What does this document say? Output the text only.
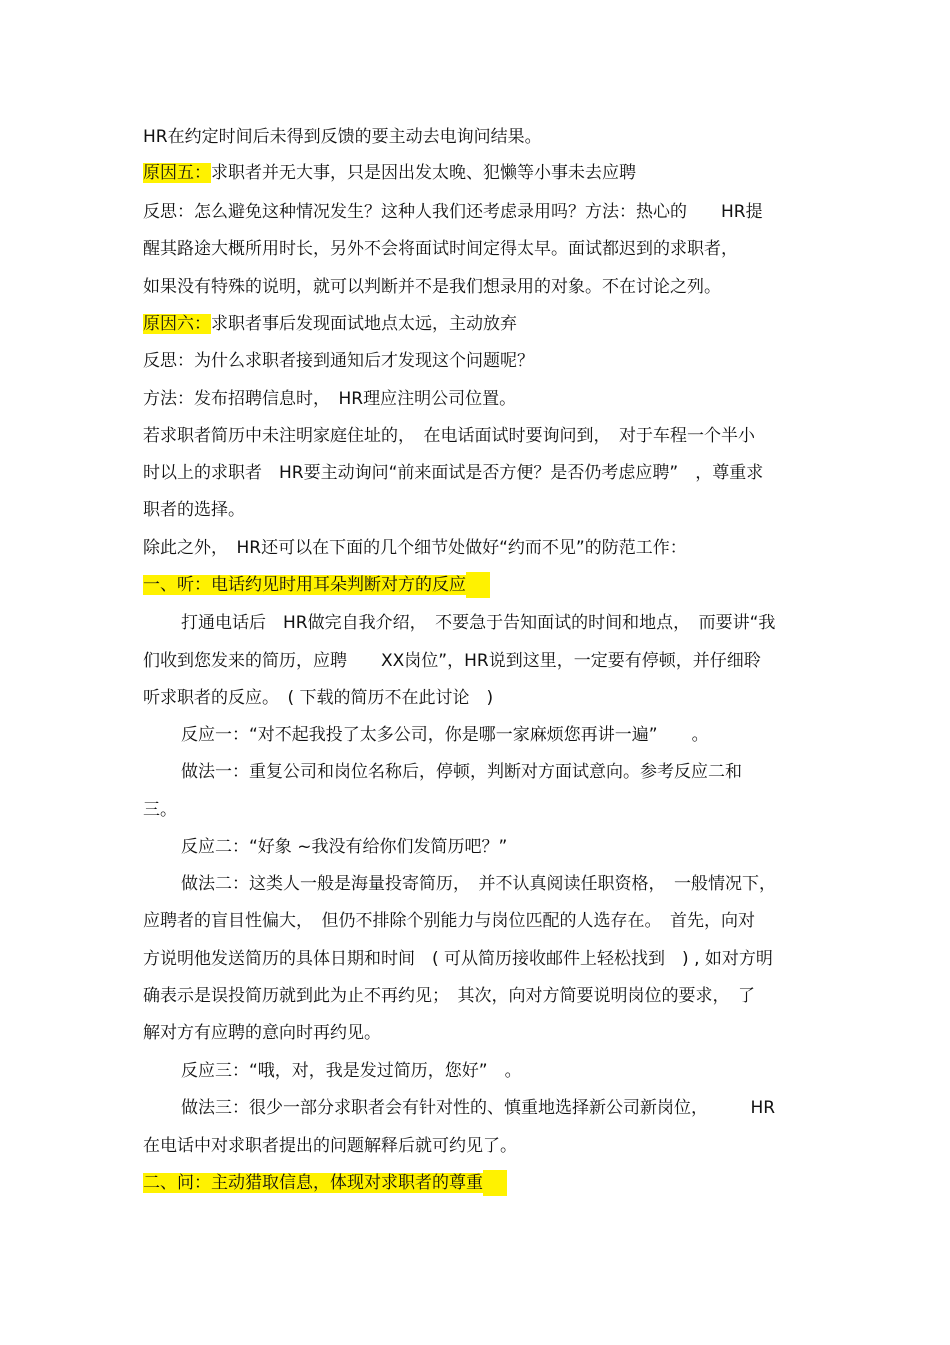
HR在约定时间后未得到反馈的要主动去电询问结果。
原因五：求职者并无大事，只是因出发太晚、犯懒等小事未去应聘
反思：怎么避免这种情况发生？这种人我们还考虑录用吗？方法：热心的　　HR提
醒其路途大概所用时长，另外不会将面试时间定得太早。面试都迟到的求职者，
如果没有特殊的说明，就可以判断并不是我们想录用的对象。不在讨论之列。
原因六：求职者事后发现面试地点太远，主动放弃
反思：为什么求职者接到通知后才发现这个问题呢？
方法：发布招聘信息时，　HR理应注明公司位置。
若求职者简历中未注明家庭住址的，　在电话面试时要询问到，　对于车程一个半小
时以上的求职者　HR要主动询问“前来面试是否方便？是否仍考虑应聘”　，尊重求
职者的选择。
除此之外，　HR还可以在下面的几个细节处做好“约而不见”的防范工作：
一、听：电话约见时用耳朵判断对方的反应
打通电话后　HR做完自我介绍，　不要急于告知面试的时间和地点，　而要讲“我
们收到您发来的简历，应聘　　XX岗位”，HR说到这里，一定要有停顿，并仔细聆
听求职者的反应。　( 下载的简历不在此讨论　)
反应一：“对不起我投了太多公司，你是哪一家麻烦您再讲一遍”　　。
做法一：重复公司和岗位名称后，停顿，判断对方面试意向。参考反应二和
三。
反应二：“好象 ~我没有给你们发简历吧？”
做法二：这类人一般是海量投寄简历，　并不认真阅读任职资格，　一般情况下，
应聘者的盲目性偏大，　但仍不排除个别能力与岗位匹配的人选存在。　首先，向对
方说明他发送简历的具体日期和时间　( 可从简历接收邮件上轻松找到　) , 如对方明
确表示是误投简历就到此为止不再约见；　其次，向对方简要说明岗位的要求，　了
解对方有应聘的意向时再约见。
反应三：“哦，对，我是发过简历，您好”　。
做法三：很少一部分求职者会有针对性的、慎重地选择新公司新岗位，　　　HR
在电话中对求职者提出的问题解释后就可约见了。
二、问：主动猎取信息，体现对求职者的尊重
